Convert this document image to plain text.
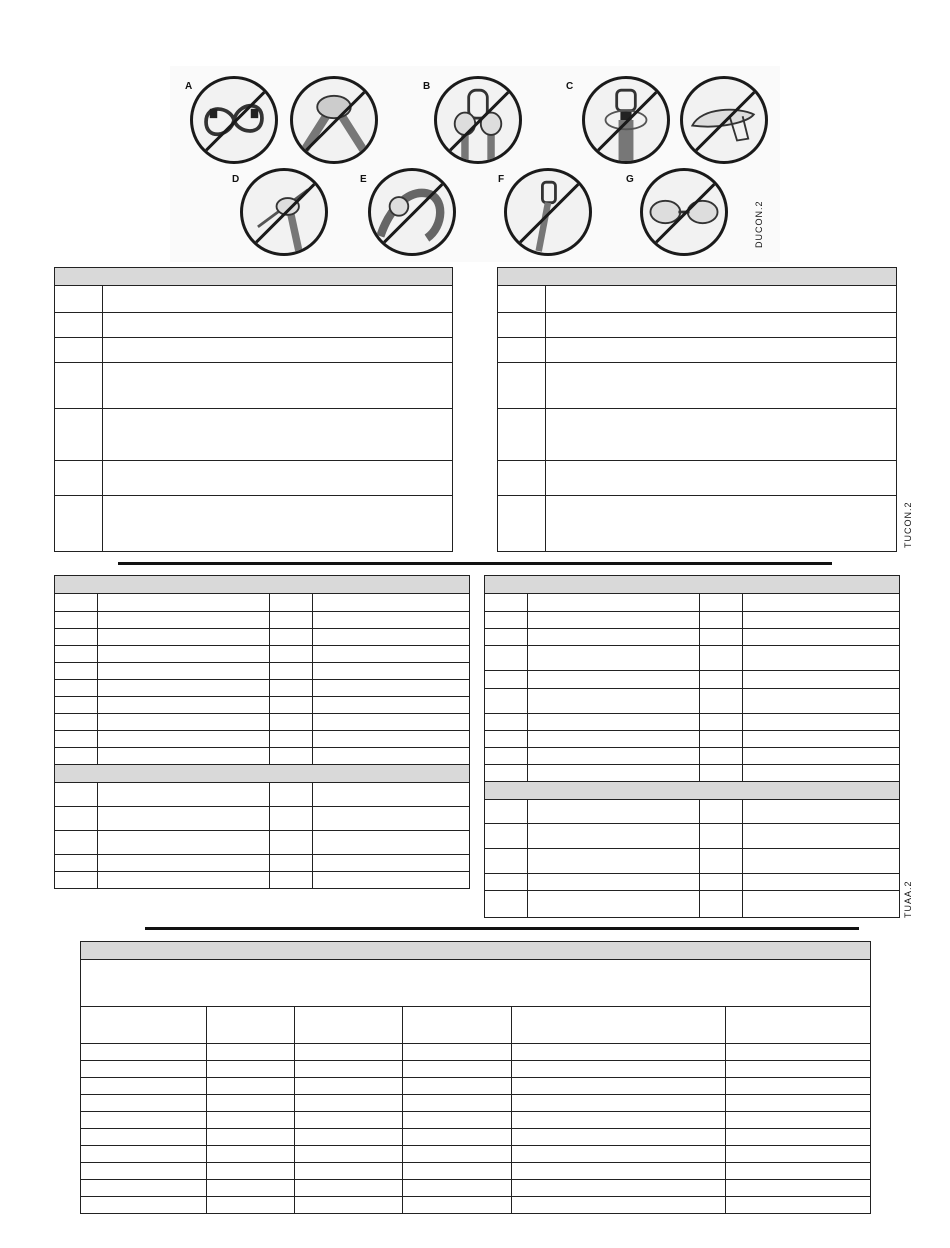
A	B	C
D	E	F	G
DUCON.2

TUCON.2

TUAA.2
